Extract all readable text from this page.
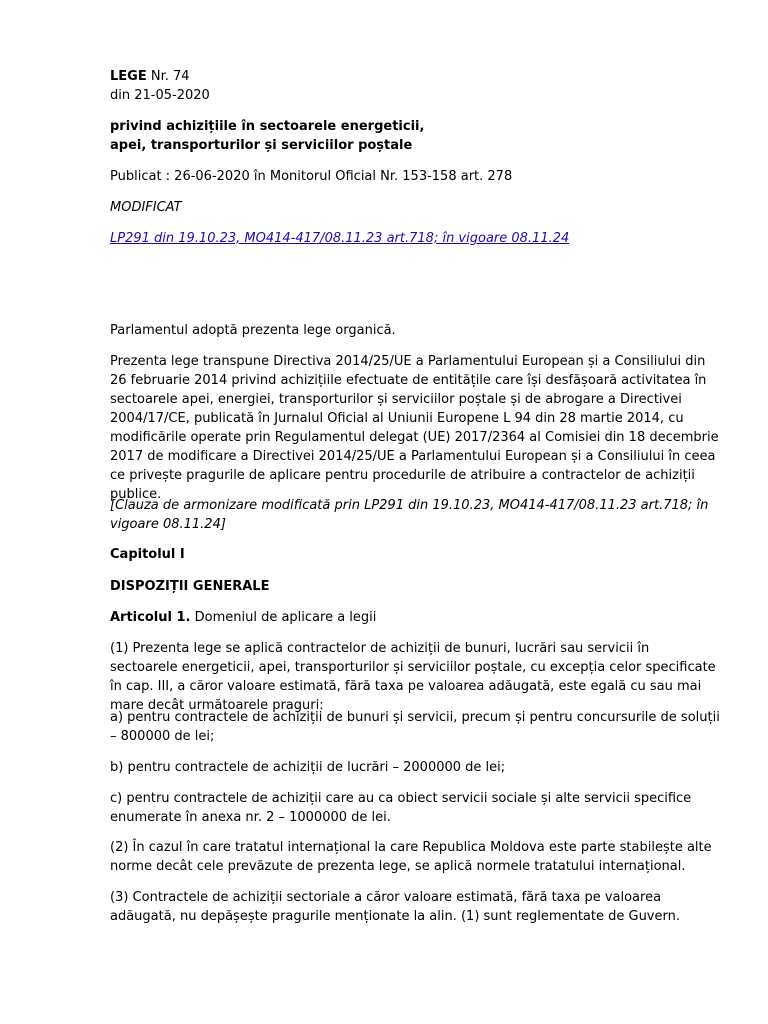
LEGE Nr. 74
din 21-05-2020

privind achizițiile în sectoarele energeticii,
apei, transporturilor și serviciilor poștale

Publicat : 26-06-2020 în Monitorul Oficial Nr. 153-158 art. 278

MODIFICAT

LP291 din 19.10.23, MO414-417/08.11.23 art.718; în vigoare 08.11.24

Parlamentul adoptă prezenta lege organică.

Prezenta lege transpune Directiva 2014/25/UE a Parlamentului European și a Consiliului din 26 februarie 2014 privind achizițiile efectuate de entitățile care își desfășoară activitatea în sectoarele apei, energiei, transporturilor și serviciilor poștale și de abrogare a Directivei 2004/17/CE, publicată în Jurnalul Oficial al Uniunii Europene L 94 din 28 martie 2014, cu modificările operate prin Regulamentul delegat (UE) 2017/2364 al Comisiei din 18 decembrie 2017 de modificare a Directivei 2014/25/UE a Parlamentului European și a Consiliului în ceea ce privește pragurile de aplicare pentru procedurile de atribuire a contractelor de achiziții publice.

[Clauza de armonizare modificată prin LP291 din 19.10.23, MO414-417/08.11.23 art.718; în vigoare 08.11.24]

Capitolul I

DISPOZIȚII GENERALE

Articolul 1. Domeniul de aplicare a legii

(1) Prezenta lege se aplică contractelor de achiziții de bunuri, lucrări sau servicii în sectoarele energeticii, apei, transporturilor și serviciilor poștale, cu excepția celor specificate în cap. III, a căror valoare estimată, fără taxa pe valoarea adăugată, este egală cu sau mai mare decât următoarele praguri:

a) pentru contractele de achiziții de bunuri și servicii, precum și pentru concursurile de soluții – 800000 de lei;

b) pentru contractele de achiziții de lucrări – 2000000 de lei;

c) pentru contractele de achiziții care au ca obiect servicii sociale și alte servicii specifice enumerate în anexa nr. 2 – 1000000 de lei.

(2) În cazul în care tratatul internațional la care Republica Moldova este parte stabilește alte norme decât cele prevăzute de prezenta lege, se aplică normele tratatului internațional.

(3) Contractele de achiziții sectoriale a căror valoare estimată, fără taxa pe valoarea adăugată, nu depășește pragurile menționate la alin. (1) sunt reglementate de Guvern.
